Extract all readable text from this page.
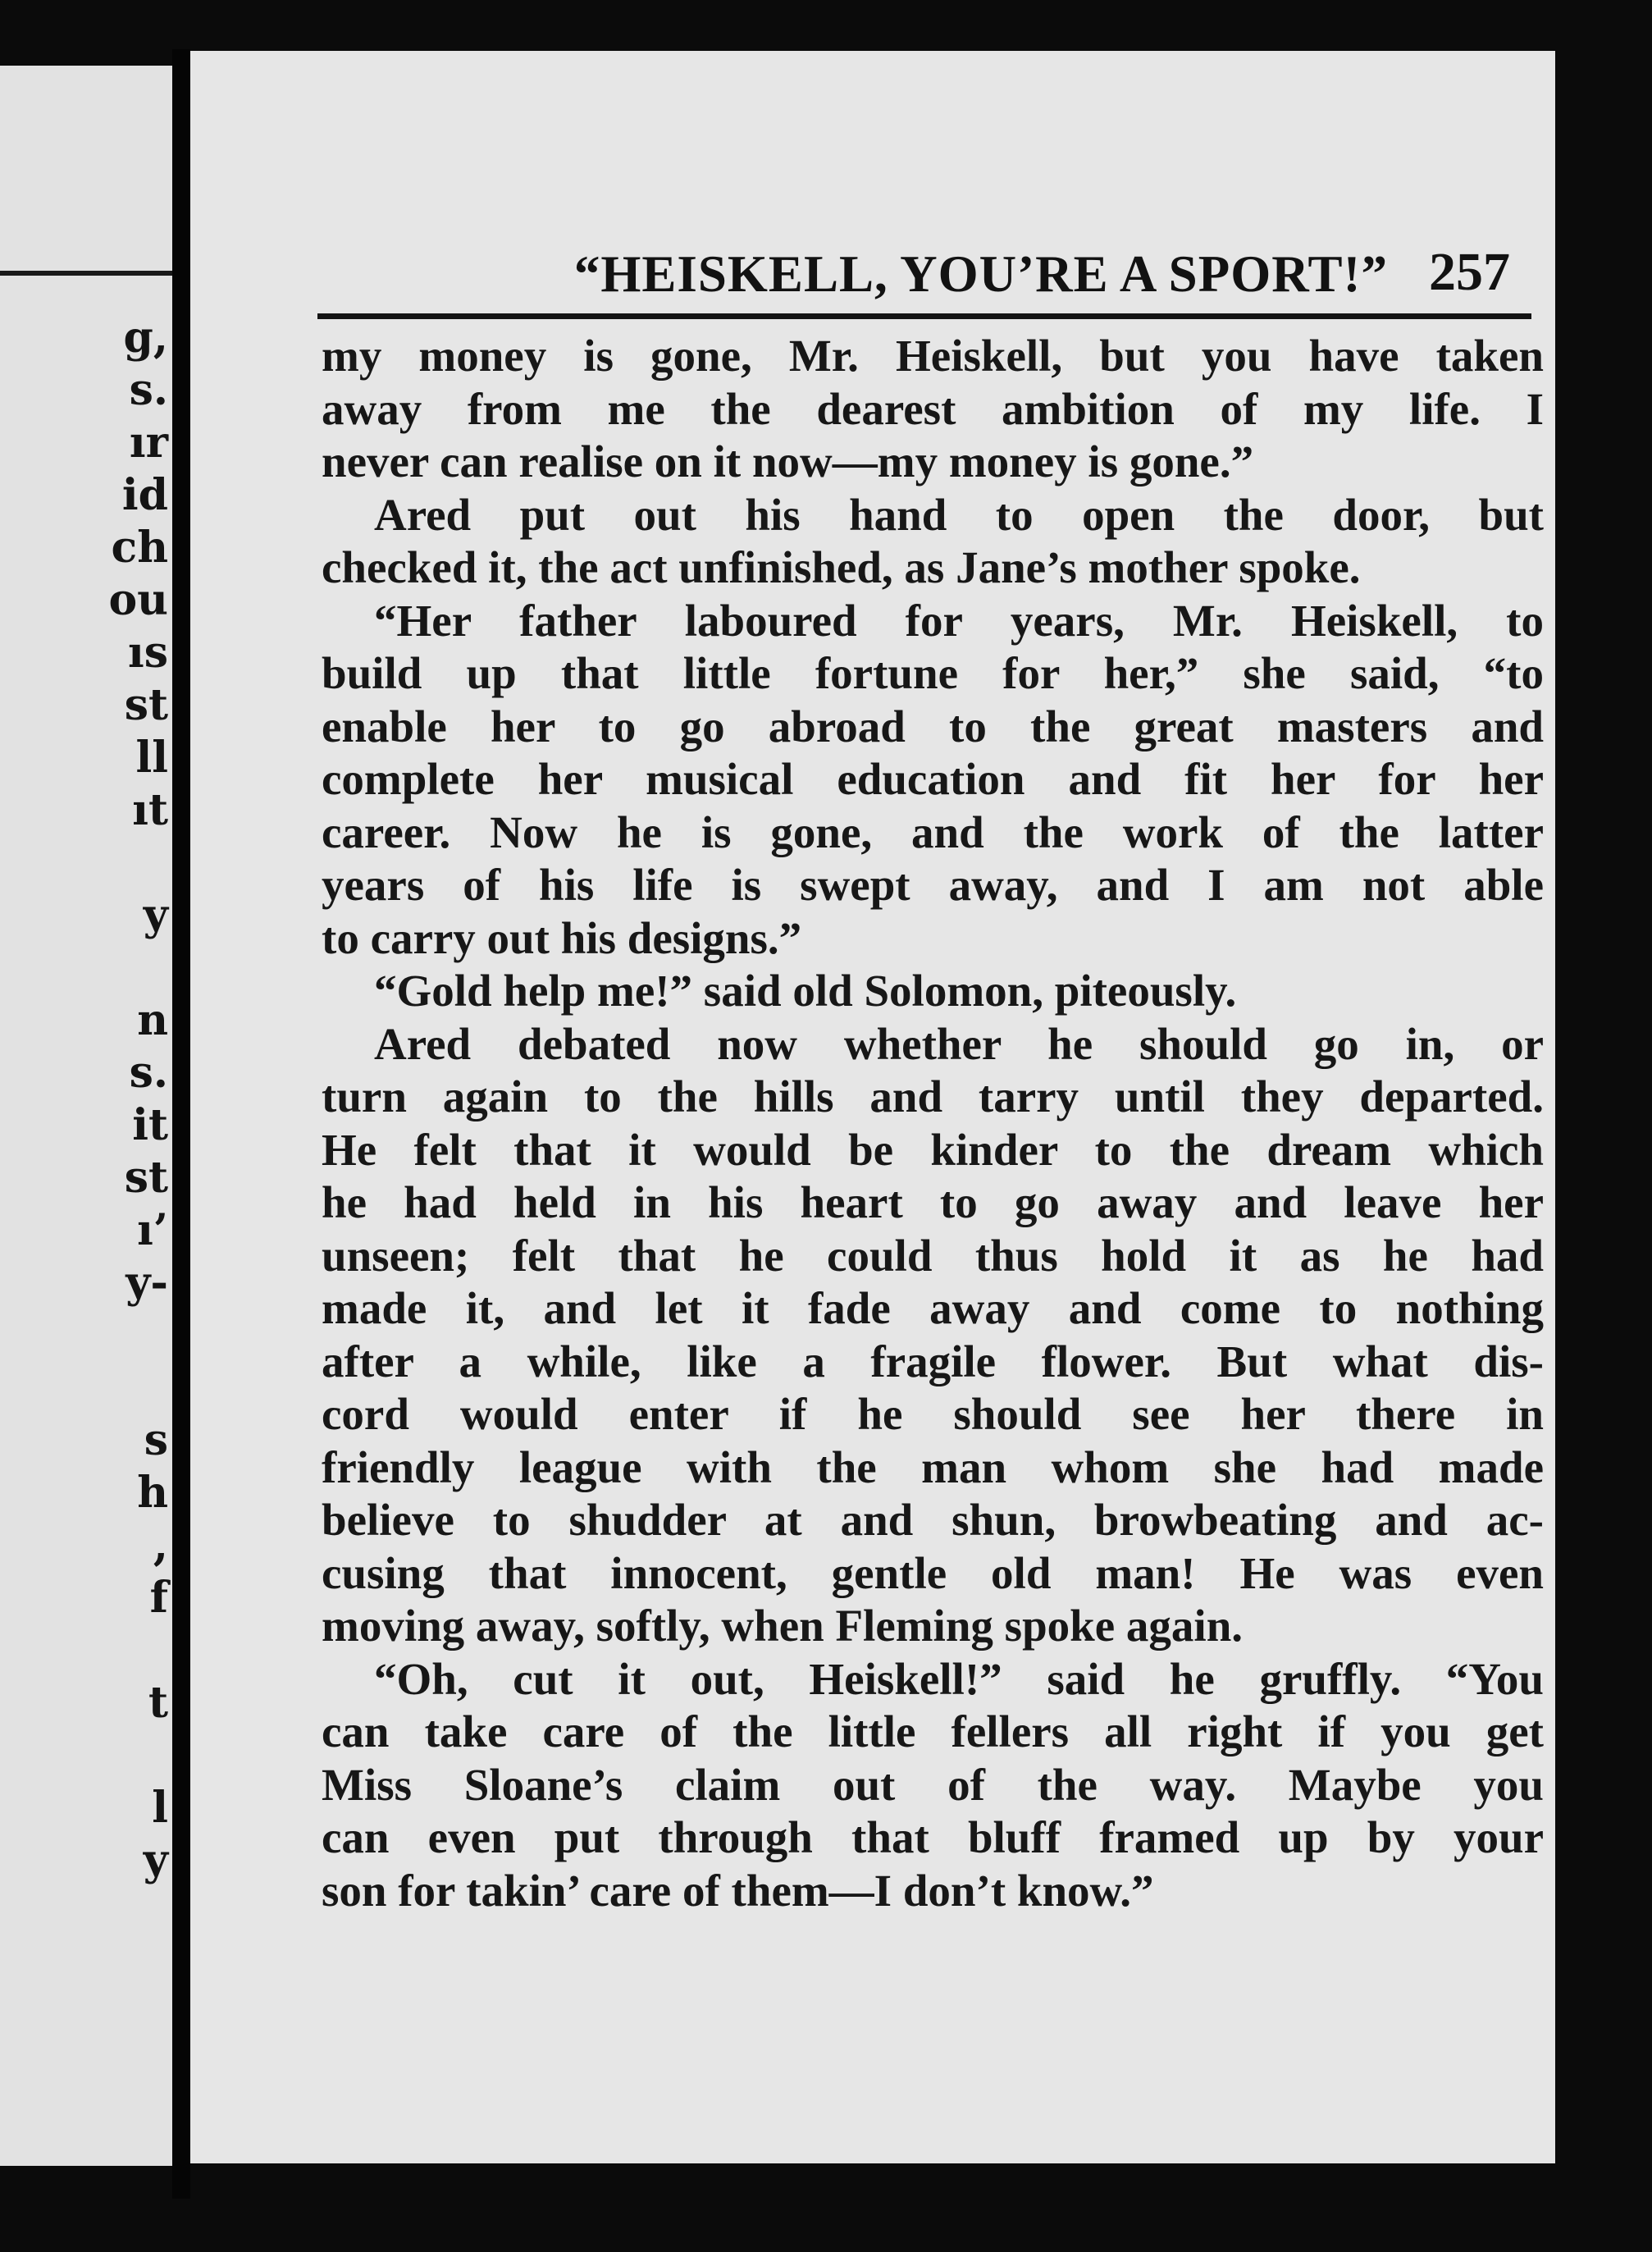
g,
s.
ır
id
ch
ou
ıs
st
ll
ıt
y
n
s.
it
st
ı’
y-
s
h
,
f
t
l
y
“HEISKELL, YOU’RE A SPORT!” 257
my money is gone, Mr. Heiskell, but you have taken
away from me the dearest ambition of my life. I
never can realise on it now—my money is gone.”
Ared put out his hand to open the door, but
checked it, the act unfinished, as Jane’s mother spoke.
“Her father laboured for years, Mr. Heiskell, to
build up that little fortune for her,” she said, “to
enable her to go abroad to the great masters and
complete her musical education and fit her for her
career. Now he is gone, and the work of the latter
years of his life is swept away, and I am not able
to carry out his designs.”
“Gold help me!” said old Solomon, piteously.
Ared debated now whether he should go in, or
turn again to the hills and tarry until they departed.
He felt that it would be kinder to the dream which
he had held in his heart to go away and leave her
unseen; felt that he could thus hold it as he had
made it, and let it fade away and come to nothing
after a while, like a fragile flower. But what dis-
cord would enter if he should see her there in
friendly league with the man whom she had made
believe to shudder at and shun, browbeating and ac-
cusing that innocent, gentle old man! He was even
moving away, softly, when Fleming spoke again.
“Oh, cut it out, Heiskell!” said he gruffly. “You
can take care of the little fellers all right if you get
Miss Sloane’s claim out of the way. Maybe you
can even put through that bluff framed up by your
son for takin’ care of them—I don’t know.”
